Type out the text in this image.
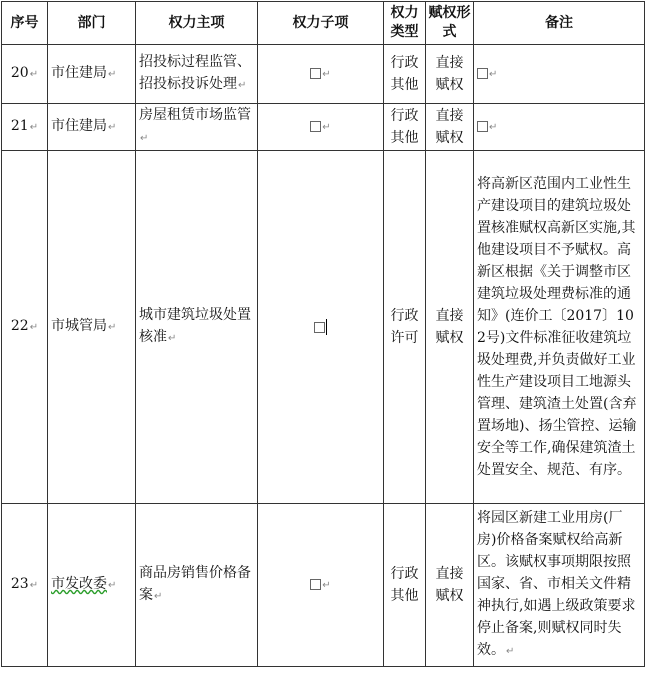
序号	部门	权力主项	权力子项	权力类型	赋权形式	备注
20↵	市住建局↵	招投标过程监管、招投标投诉处理↵	↵	行政其他	直接赋权	↵
21↵	市住建局↵	房屋租赁市场监管↵	↵	行政其他	直接赋权	↵
22↵	市城管局↵	城市建筑垃圾处置核准↵		行政许可	直接赋权	将高新区范围内工业性生产建设项目的建筑垃圾处置核准赋权高新区实施,其他建设项目不予赋权。高新区根据《关于调整市区建筑垃圾处理费标准的通知》(连价工〔2017〕102号)文件标准征收建筑垃圾处理费,并负责做好工业性生产建设项目工地源头管理、建筑渣土处置(含弃置场地)、扬尘管控、运输安全等工作,确保建筑渣土处置安全、规范、有序。
23↵	市发改委↵	商品房销售价格备案↵	↵	行政其他	直接赋权	将园区新建工业用房(厂房)价格备案赋权给高新区。该赋权事项期限按照国家、省、市相关文件精神执行,如遇上级政策要求停止备案,则赋权同时失效。↵
